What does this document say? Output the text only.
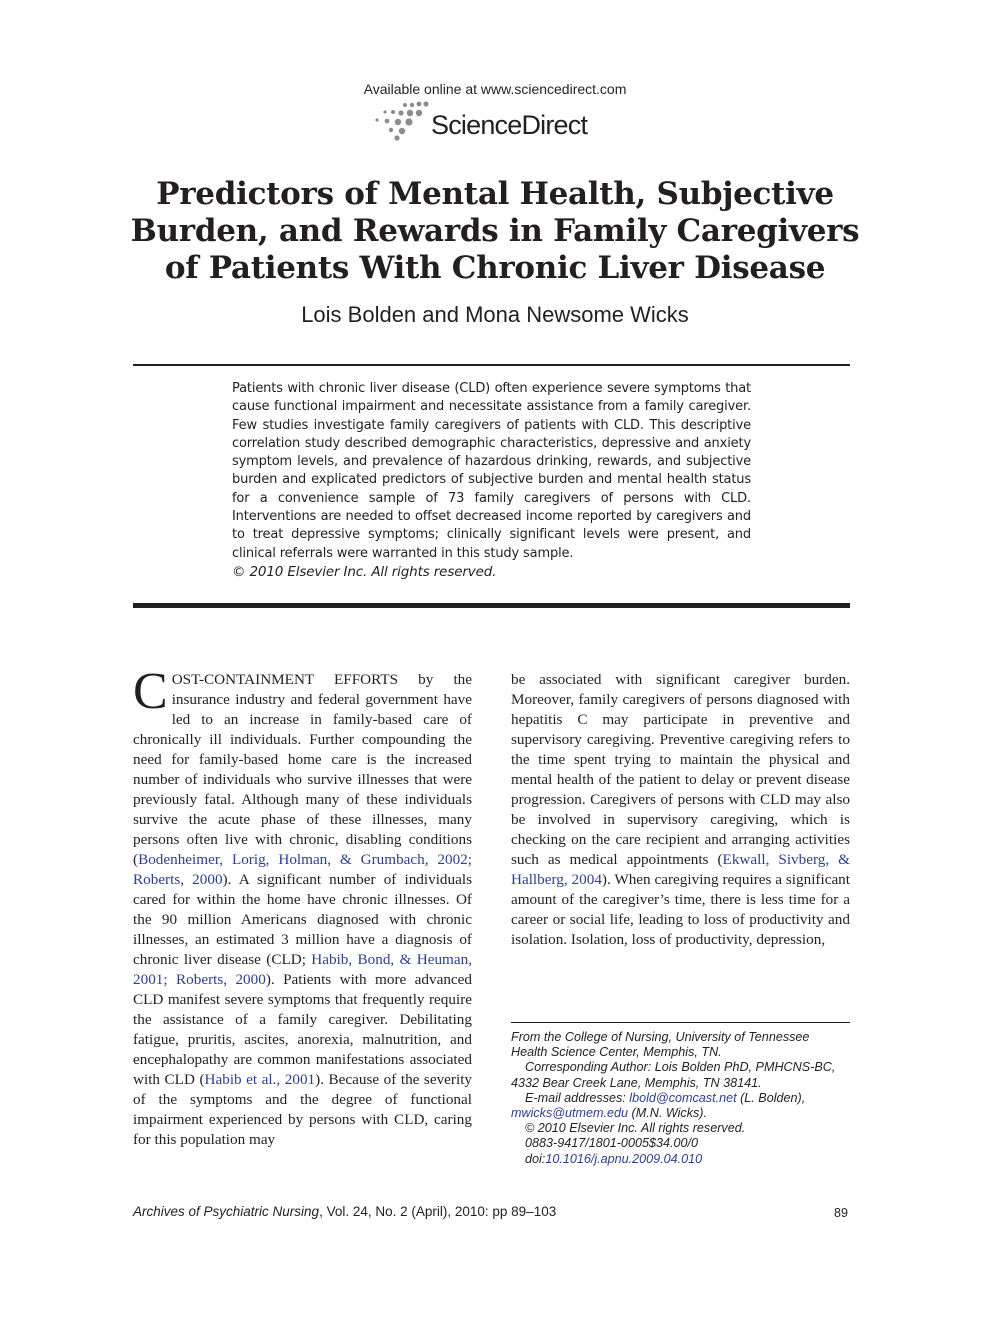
Available online at www.sciencedirect.com
ScienceDirect
Predictors of Mental Health, Subjective
Burden, and Rewards in Family Caregivers
of Patients With Chronic Liver Disease
Lois Bolden and Mona Newsome Wicks
Patients with chronic liver disease (CLD) often experience severe symptoms that cause functional impairment and necessitate assistance from a family caregiver. Few studies investigate family caregivers of patients with CLD. This descriptive correlation study described demographic characteristics, depressive and anxiety symptom levels, and prevalence of hazardous drinking, rewards, and subjective burden and explicated predictors of subjective burden and mental health status for a convenience sample of 73 family caregivers of persons with CLD. Interventions are needed to offset decreased income reported by caregivers and to treat depressive symptoms; clinically significant levels were present, and clinical referrals were warranted in this study sample.
© 2010 Elsevier Inc. All rights reserved.
COST-CONTAINMENT EFFORTS by the insurance industry and federal government have led to an increase in family-based care of chronically ill individuals. Further compounding the need for family-based home care is the increased number of individuals who survive illnesses that were previously fatal. Although many of these individuals survive the acute phase of these illnesses, many persons often live with chronic, disabling conditions (Bodenheimer, Lorig, Holman, & Grumbach, 2002; Roberts, 2000). A significant number of individuals cared for within the home have chronic illnesses. Of the 90 million Americans diagnosed with chronic illnesses, an estimated 3 million have a diagnosis of chronic liver disease (CLD; Habib, Bond, & Heuman, 2001; Roberts, 2000). Patients with more advanced CLD manifest severe symptoms that frequently require the assistance of a family caregiver. Debilitating fatigue, pruritis, ascites, anorexia, malnutrition, and encephalopathy are common manifestations associated with CLD (Habib et al., 2001). Because of the severity of the symptoms and the degree of functional impairment experienced by persons with CLD, caring for this population may
be associated with significant caregiver burden. Moreover, family caregivers of persons diagnosed with hepatitis C may participate in preventive and supervisory caregiving. Preventive caregiving refers to the time spent trying to maintain the physical and mental health of the patient to delay or prevent disease progression. Caregivers of persons with CLD may also be involved in supervisory caregiving, which is checking on the care recipient and arranging activities such as medical appointments (Ekwall, Sivberg, & Hallberg, 2004). When caregiving requires a significant amount of the caregiver’s time, there is less time for a career or social life, leading to loss of productivity and isolation. Isolation, loss of productivity, depression,
From the College of Nursing, University of Tennessee
Health Science Center, Memphis, TN.
Corresponding Author: Lois Bolden PhD, PMHCNS-BC,
4332 Bear Creek Lane, Memphis, TN 38141.
E-mail addresses: lbold@comcast.net (L. Bolden),
mwicks@utmem.edu (M.N. Wicks).
© 2010 Elsevier Inc. All rights reserved.
0883-9417/1801-0005$34.00/0
doi:10.1016/j.apnu.2009.04.010
Archives of Psychiatric Nursing, Vol. 24, No. 2 (April), 2010: pp 89–103	89
